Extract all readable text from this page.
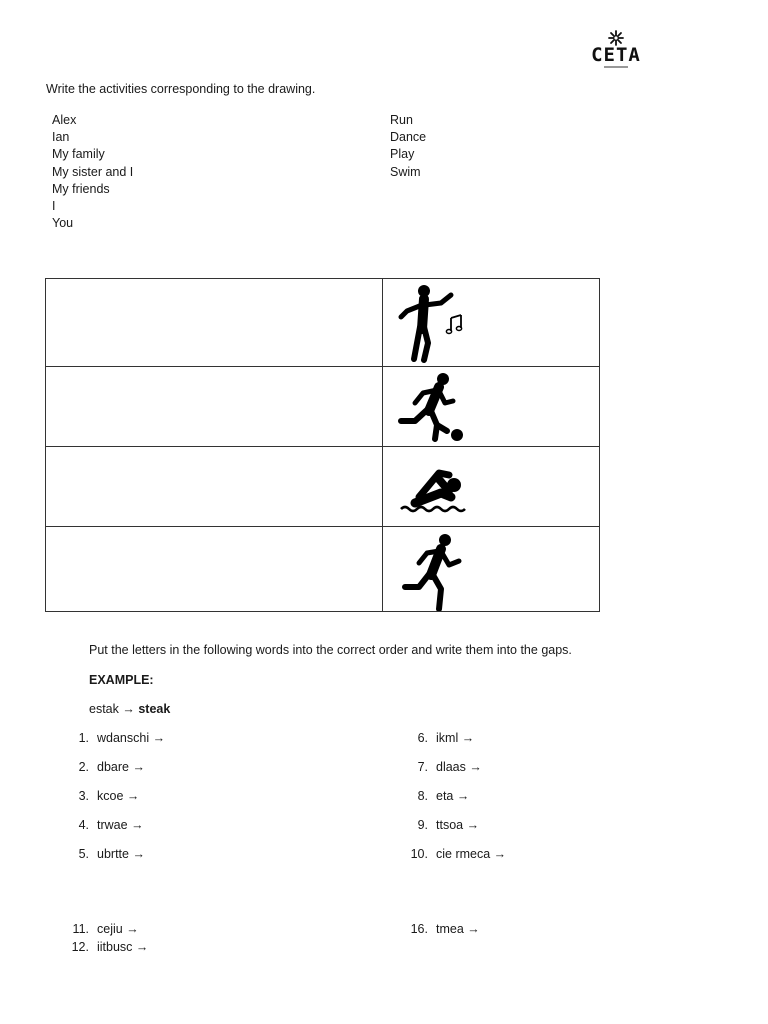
CETA
Write the activities corresponding to the drawing.
Alex
Ian
My family
My sister and I
My friends
I
You
Run
Dance
Play
Swim

Put the letters in the following words into the correct order and write them into the gaps.
EXAMPLE:
estak → steak
1. wdanschi →
2. dbare →
3. kcoe →
4. trwae →
5. ubrtte →
6. ikml →
7. dlaas →
8. eta →
9. ttsoa →
10. cie rmeca →
11. cejiu →
12. iitbusc →
16. tmea →
